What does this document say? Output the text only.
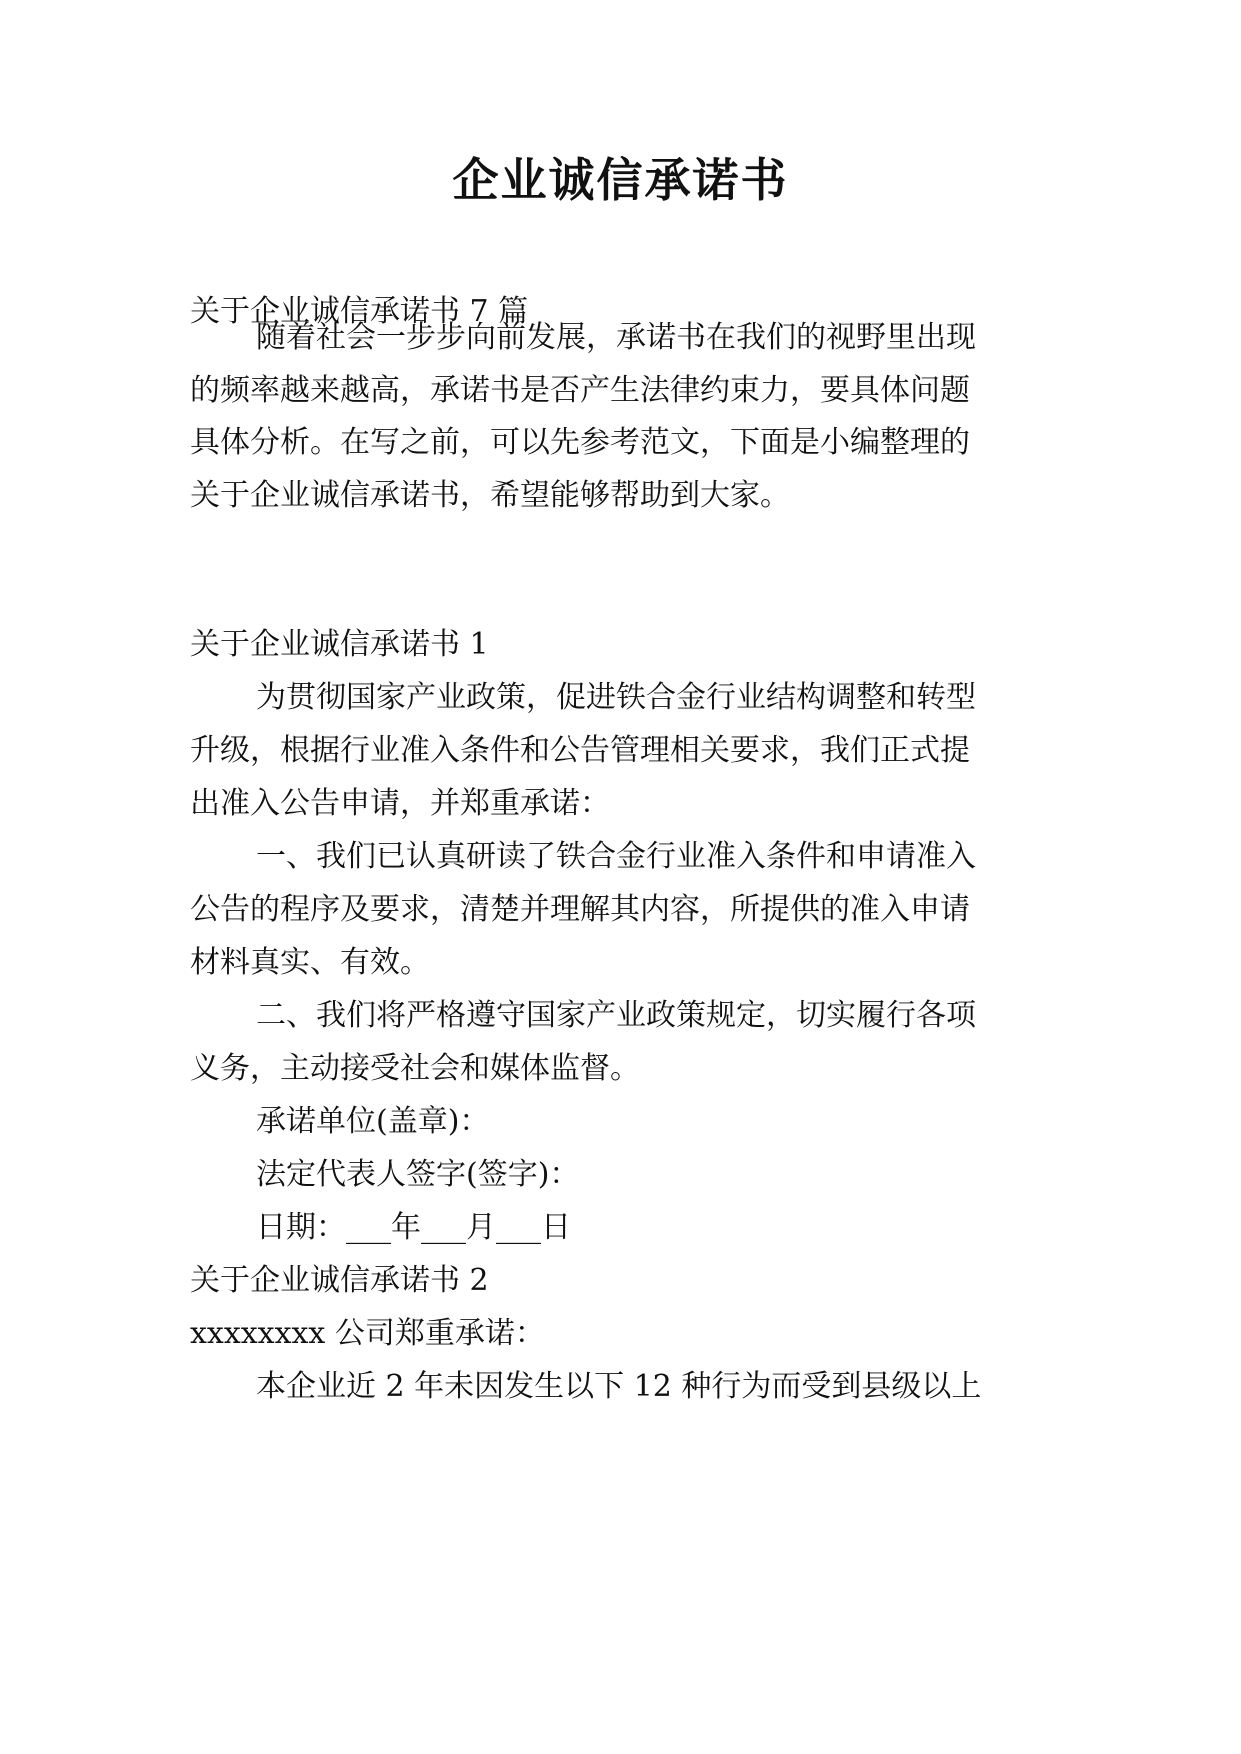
企业诚信承诺书
关于企业诚信承诺书 7 篇
随着社会一步步向前发展，承诺书在我们的视野里出现
的频率越来越高，承诺书是否产生法律约束力，要具体问题
具体分析。在写之前，可以先参考范文，下面是小编整理的
关于企业诚信承诺书，希望能够帮助到大家。
关于企业诚信承诺书 1
为贯彻国家产业政策，促进铁合金行业结构调整和转型
升级，根据行业准入条件和公告管理相关要求，我们正式提
出准入公告申请，并郑重承诺：
一、我们已认真研读了铁合金行业准入条件和申请准入
公告的程序及要求，清楚并理解其内容，所提供的准入申请
材料真实、有效。
二、我们将严格遵守国家产业政策规定，切实履行各项
义务，主动接受社会和媒体监督。
承诺单位(盖章)：
法定代表人签字(签字)：
日期：___年___月___日
关于企业诚信承诺书 2
xxxxxxxx 公司郑重承诺：
本企业近 2 年未因发生以下 12 种行为而受到县级以上
